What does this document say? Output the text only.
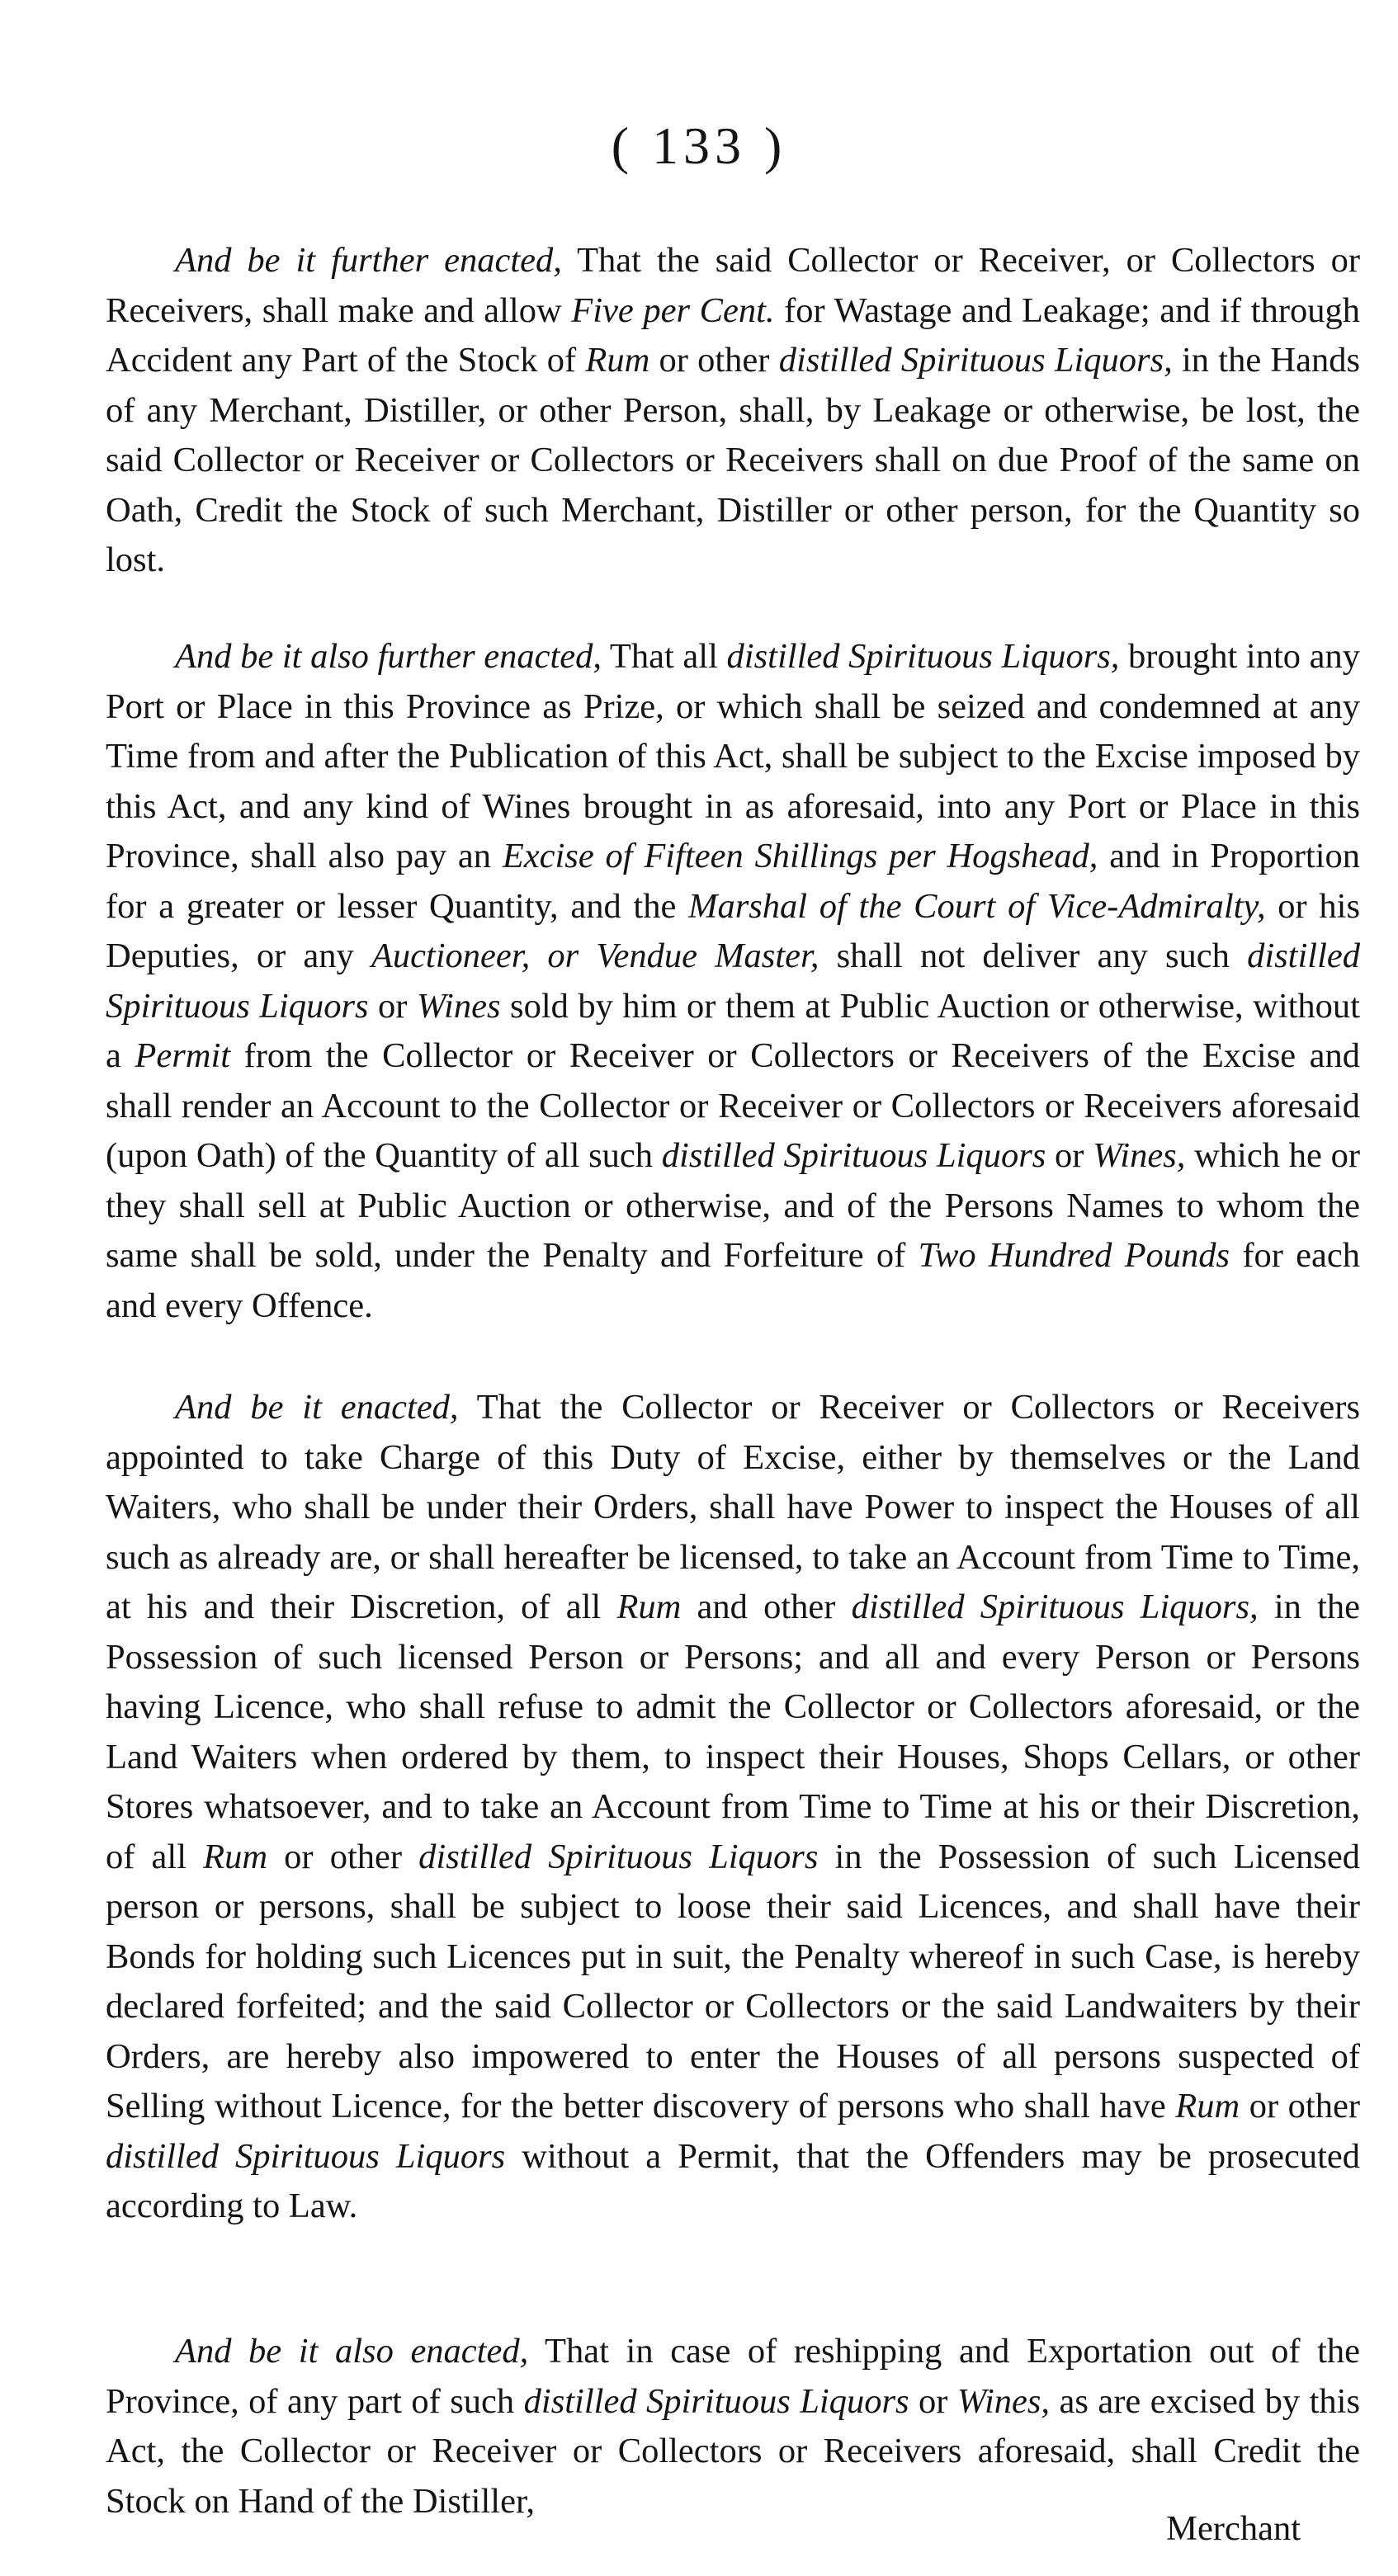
( 133 )

And be it further enacted, That the said Collector or Receiver, or Collectors or Receivers, shall make and allow Five per Cent. for Wastage and Leakage; and if through Accident any Part of the Stock of Rum or other distilled Spirituous Liquors, in the Hands of any Merchant, Distiller, or other Person, shall, by Leakage or otherwise, be lost, the said Collector or Receiver or Collectors or Receivers shall on due Proof of the same on Oath, Credit the Stock of such Merchant, Distiller or other person, for the Quantity so lost.

And be it also further enacted, That all distilled Spirituous Liquors, brought into any Port or Place in this Province as Prize, or which shall be seized and condemned at any Time from and after the Publication of this Act, shall be subject to the Excise imposed by this Act, and any kind of Wines brought in as aforesaid, into any Port or Place in this Province, shall also pay an Excise of Fifteen Shillings per Hogshead, and in Proportion for a greater or lesser Quantity, and the Marshal of the Court of Vice-Admiralty, or his Deputies, or any Auctioneer, or Vendue Master, shall not deliver any such distilled Spirituous Liquors or Wines sold by him or them at Public Auction or otherwise, without a Permit from the Collector or Receiver or Collectors or Receivers of the Excise and shall render an Account to the Collector or Receiver or Collectors or Receivers aforesaid (upon Oath) of the Quantity of all such distilled Spirituous Liquors or Wines, which he or they shall sell at Public Auction or otherwise, and of the Persons Names to whom the same shall be sold, under the Penalty and Forfeiture of Two Hundred Pounds for each and every Offence.

And be it enacted, That the Collector or Receiver or Collectors or Receivers appointed to take Charge of this Duty of Excise, either by themselves or the Land Waiters, who shall be under their Orders, shall have Power to inspect the Houses of all such as already are, or shall hereafter be licensed, to take an Account from Time to Time, at his and their Discretion, of all Rum and other distilled Spirituous Liquors, in the Possession of such licensed Person or Persons; and all and every Person or Persons having Licence, who shall refuse to admit the Collector or Collectors aforesaid, or the Land Waiters when ordered by them, to inspect their Houses, Shops Cellars, or other Stores whatsoever, and to take an Account from Time to Time at his or their Discretion, of all Rum or other distilled Spirituous Liquors in the Possession of such Licensed person or persons, shall be subject to loose their said Licences, and shall have their Bonds for holding such Licences put in suit, the Penalty whereof in such Case, is hereby declared forfeited; and the said Collector or Collectors or the said Landwaiters by their Orders, are hereby also impowered to enter the Houses of all persons suspected of Selling without Licence, for the better discovery of persons who shall have Rum or other distilled Spirituous Liquors without a Permit, that the Offenders may be prosecuted according to Law.

And be it also enacted, That in case of reshipping and Exportation out of the Province, of any part of such distilled Spirituous Liquors or Wines, as are excised by this Act, the Collector or Receiver or Collectors or Receivers aforesaid, shall Credit the Stock on Hand of the Distiller,

Merchant
